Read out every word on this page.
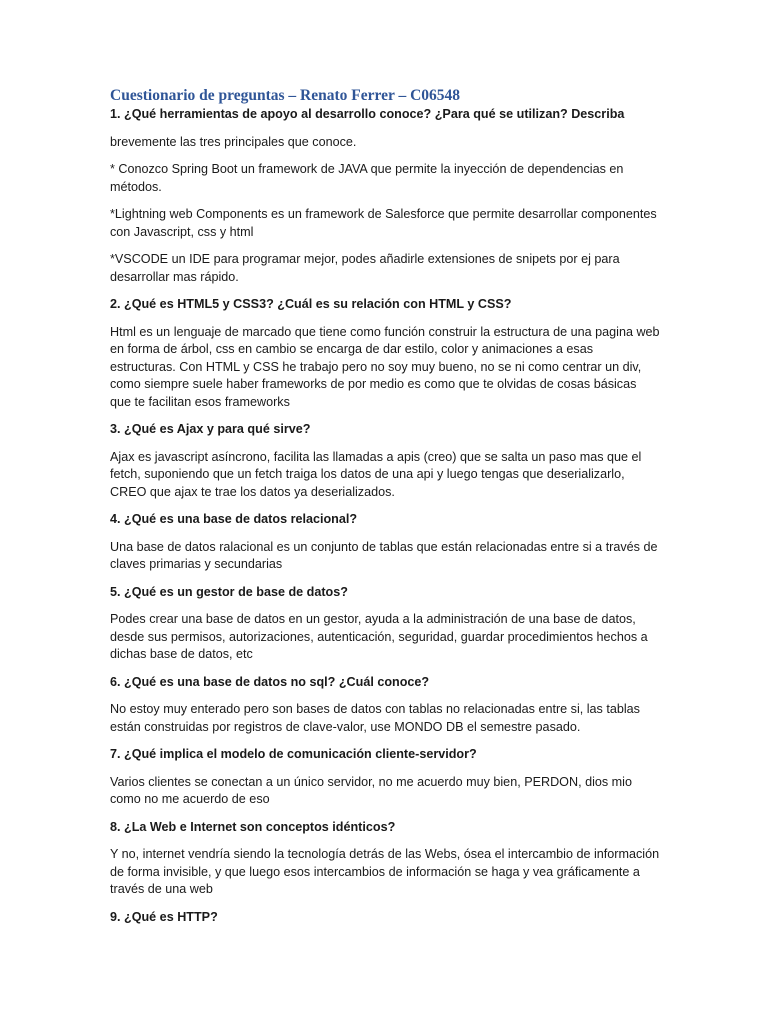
Cuestionario de preguntas – Renato Ferrer – C06548

1. ¿Qué herramientas de apoyo al desarrollo conoce? ¿Para qué se utilizan? Describa

brevemente las tres principales que conoce.

* Conozco Spring Boot un framework de JAVA que permite la inyección de dependencias en métodos.

*Lightning web Components es un framework de Salesforce que permite desarrollar componentes con Javascript, css y html

*VSCODE un IDE para programar mejor, podes añadirle extensiones de snipets por ej para desarrollar mas rápido.

2. ¿Qué es HTML5 y CSS3? ¿Cuál es su relación con HTML y CSS?

Html es un lenguaje de marcado que tiene como función construir la estructura de una pagina web en forma de árbol, css en cambio se encarga de dar estilo, color y animaciones a esas estructuras. Con HTML y CSS he trabajo pero no soy muy bueno, no se ni como centrar un div, como siempre suele haber frameworks de por medio es como que te olvidas de cosas básicas que te facilitan esos frameworks

3. ¿Qué es Ajax y para qué sirve?

Ajax es javascript asíncrono, facilita las llamadas a apis (creo) que se salta un paso mas que el fetch, suponiendo que un fetch traiga los datos de una api y luego tengas que deserializarlo, CREO que ajax te trae los datos ya deserializados.

4. ¿Qué es una base de datos relacional?

Una base de datos ralacional es un conjunto de tablas que están relacionadas entre si a través de claves primarias y secundarias

5. ¿Qué es un gestor de base de datos?

Podes crear una base de datos en un gestor, ayuda a la administración de una base de datos, desde sus permisos, autorizaciones, autenticación, seguridad, guardar procedimientos hechos a dichas base de datos, etc

6. ¿Qué es una base de datos no sql? ¿Cuál conoce?

No estoy muy enterado pero son bases de datos con tablas no relacionadas entre si, las tablas están construidas por registros de clave-valor, use MONDO DB el semestre pasado.

7. ¿Qué implica el modelo de comunicación cliente-servidor?

Varios clientes se conectan a un único servidor, no me acuerdo muy bien, PERDON, dios mio como no me acuerdo de eso

8. ¿La Web e Internet son conceptos idénticos?

Y no, internet vendría siendo la tecnología detrás de las Webs, ósea el intercambio de información de forma invisible, y que luego esos intercambios de información se haga y vea gráficamente a través de una web

9. ¿Qué es HTTP?
